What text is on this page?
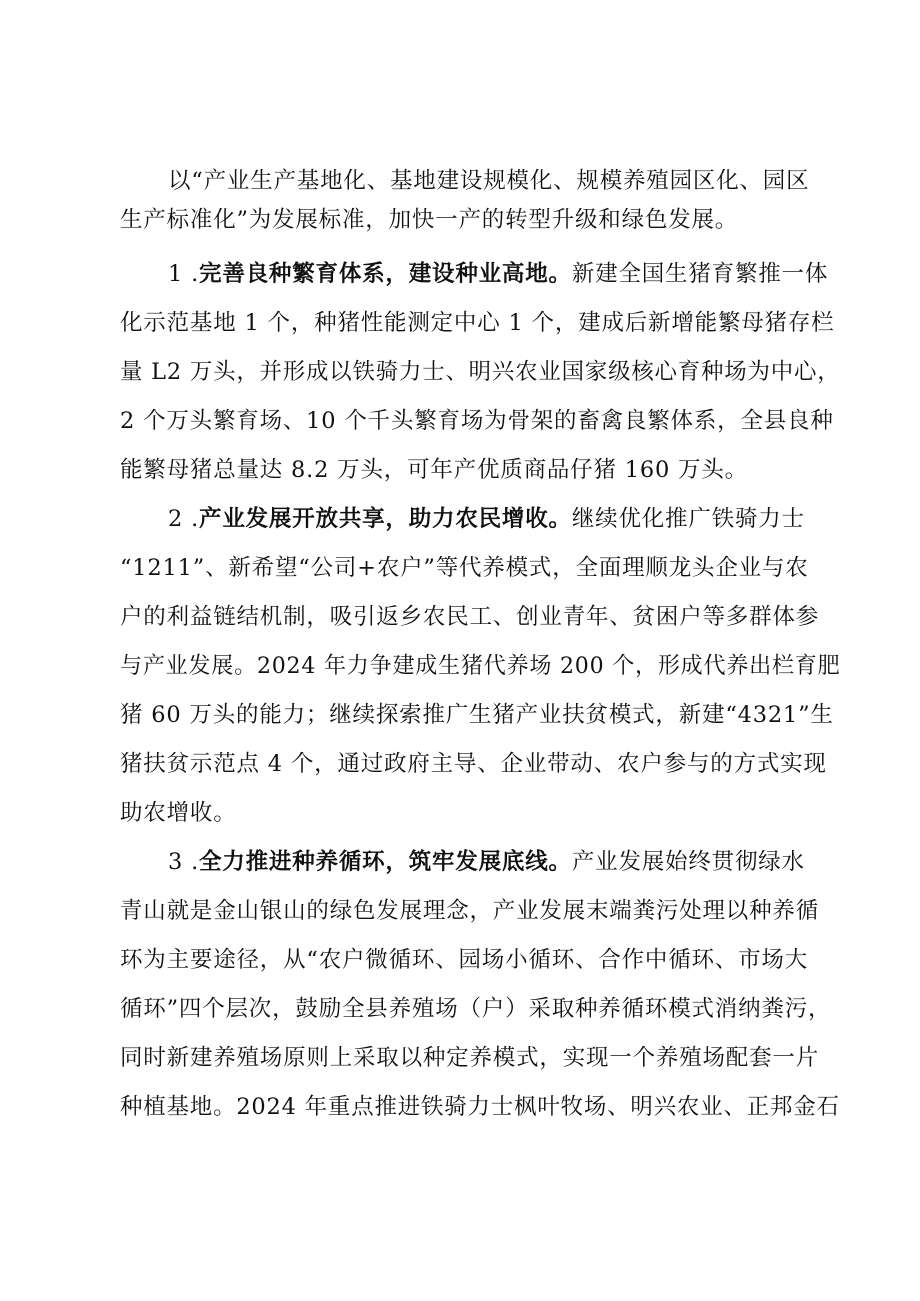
以“产业生产基地化、基地建设规模化、规模养殖园区化、园区
生产标准化”为发展标准，加快一产的转型升级和绿色发展。
1 .完善良种繁育体系，建设种业高地。新建全国生猪育繁推一体
化示范基地 1 个，种猪性能测定中心 1 个，建成后新增能繁母猪存栏
量 L2 万头，并形成以铁骑力士、明兴农业国家级核心育种场为中心，
2 个万头繁育场、10 个千头繁育场为骨架的畜禽良繁体系，全县良种
能繁母猪总量达 8.2 万头，可年产优质商品仔猪 160 万头。
2 .产业发展开放共享，助力农民增收。继续优化推广铁骑力士
“1211”、新希望“公司+农户”等代养模式，全面理顺龙头企业与农
户的利益链结机制，吸引返乡农民工、创业青年、贫困户等多群体参
与产业发展。2024 年力争建成生猪代养场 200 个，形成代养出栏育肥
猪 60 万头的能力；继续探索推广生猪产业扶贫模式，新建“4321”生
猪扶贫示范点 4 个，通过政府主导、企业带动、农户参与的方式实现
助农增收。
3 .全力推进种养循环，筑牢发展底线。产业发展始终贯彻绿水
青山就是金山银山的绿色发展理念，产业发展末端粪污处理以种养循
环为主要途径，从“农户微循环、园场小循环、合作中循环、市场大
循环”四个层次，鼓励全县养殖场（户）采取种养循环模式消纳粪污，
同时新建养殖场原则上采取以种定养模式，实现一个养殖场配套一片
种植基地。2024 年重点推进铁骑力士枫叶牧场、明兴农业、正邦金石
